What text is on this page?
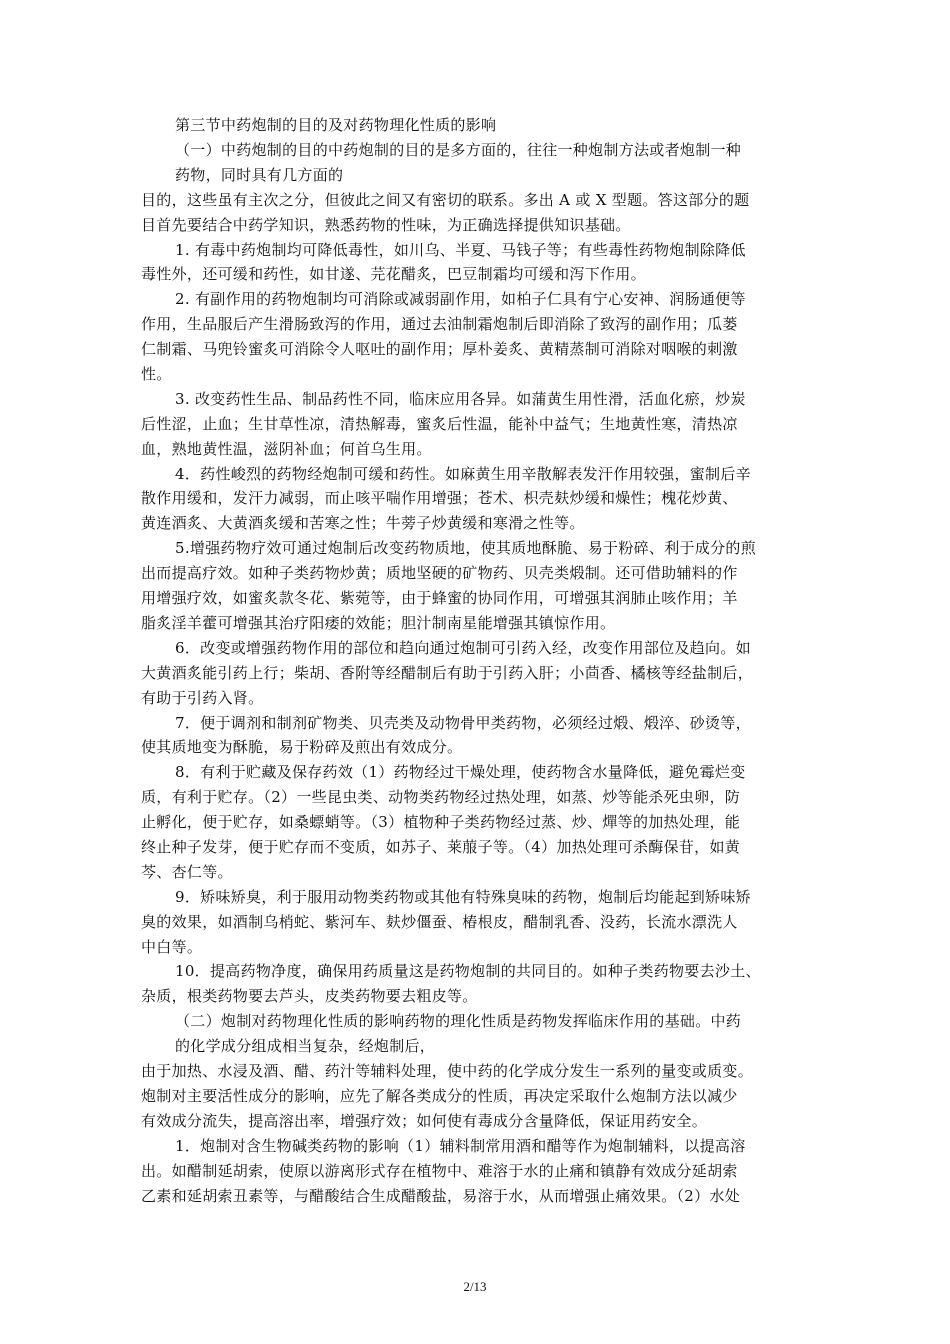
第三节中药炮制的目的及对药物理化性质的影响
（一）中药炮制的目的中药炮制的目的是多方面的，往往一种炮制方法或者炮制一种
药物，同时具有几方面的
目的，这些虽有主次之分，但彼此之间又有密切的联系。多出 A 或 X 型题。答这部分的题
目首先要结合中药学知识，熟悉药物的性味，为正确选择提供知识基础。
1. 有毒中药炮制均可降低毒性，如川乌、半夏、马钱子等；有些毒性药物炮制除降低
毒性外，还可缓和药性，如甘遂、芫花醋炙，巴豆制霜均可缓和泻下作用。
2. 有副作用的药物炮制均可消除或减弱副作用，如柏子仁具有宁心安神、润肠通便等
作用，生品服后产生滑肠致泻的作用，通过去油制霜炮制后即消除了致泻的副作用；瓜蒌
仁制霜、马兜铃蜜炙可消除令人呕吐的副作用；厚朴姜炙、黄精蒸制可消除对咽喉的刺激
性。
3. 改变药性生品、制品药性不同，临床应用各异。如蒲黄生用性滑，活血化瘀，炒炭
后性涩，止血；生甘草性凉，清热解毒，蜜炙后性温，能补中益气；生地黄性寒，清热凉
血，熟地黄性温，滋阴补血；何首乌生用。
4．药性峻烈的药物经炮制可缓和药性。如麻黄生用辛散解表发汗作用较强，蜜制后辛
散作用缓和，发汗力减弱，而止咳平喘作用增强；苍术、枳壳麸炒缓和燥性；槐花炒黄、
黄连酒炙、大黄酒炙缓和苦寒之性；牛蒡子炒黄缓和寒滑之性等。
5.增强药物疗效可通过炮制后改变药物质地，使其质地酥脆、易于粉碎、利于成分的煎
出而提高疗效。如种子类药物炒黄；质地坚硬的矿物药、贝壳类煅制。还可借助辅料的作
用增强疗效，如蜜炙款冬花、紫菀等，由于蜂蜜的协同作用，可增强其润肺止咳作用；羊
脂炙淫羊藿可增强其治疗阳痿的效能；胆汁制南星能增强其镇惊作用。
6．改变或增强药物作用的部位和趋向通过炮制可引药入经，改变作用部位及趋向。如
大黄酒炙能引药上行；柴胡、香附等经醋制后有助于引药入肝；小茴香、橘核等经盐制后，
有助于引药入肾。
7．便于调剂和制剂矿物类、贝壳类及动物骨甲类药物，必须经过煅、煅淬、砂烫等，
使其质地变为酥脆，易于粉碎及煎出有效成分。
8．有利于贮藏及保存药效（1）药物经过干燥处理，使药物含水量降低，避免霉烂变
质，有利于贮存。（2）一些昆虫类、动物类药物经过热处理，如蒸、炒等能杀死虫卵，防
止孵化，便于贮存，如桑螵蛸等。（3）植物种子类药物经过蒸、炒、燀等的加热处理，能
终止种子发芽，便于贮存而不变质，如苏子、莱菔子等。（4）加热处理可杀酶保苷，如黄
芩、杏仁等。
9．矫味矫臭，利于服用动物类药物或其他有特殊臭味的药物，炮制后均能起到矫味矫
臭的效果，如酒制乌梢蛇、紫河车、麸炒僵蚕、椿根皮，醋制乳香、没药，长流水漂洗人
中白等。
10．提高药物净度，确保用药质量这是药物炮制的共同目的。如种子类药物要去沙土、
杂质，根类药物要去芦头，皮类药物要去粗皮等。
（二）炮制对药物理化性质的影响药物的理化性质是药物发挥临床作用的基础。中药
的化学成分组成相当复杂，经炮制后，
由于加热、水浸及酒、醋、药汁等辅料处理，使中药的化学成分发生一系列的量变或质变。
炮制对主要活性成分的影响，应先了解各类成分的性质，再决定采取什么炮制方法以减少
有效成分流失，提高溶出率，增强疗效；如何使有毒成分含量降低，保证用药安全。
1．炮制对含生物碱类药物的影响（1）辅料制常用酒和醋等作为炮制辅料，以提高溶
出。如醋制延胡索，使原以游离形式存在植物中、难溶于水的止痛和镇静有效成分延胡索
乙素和延胡索丑素等，与醋酸结合生成醋酸盐，易溶于水，从而增强止痛效果。（2）水处
2/13
